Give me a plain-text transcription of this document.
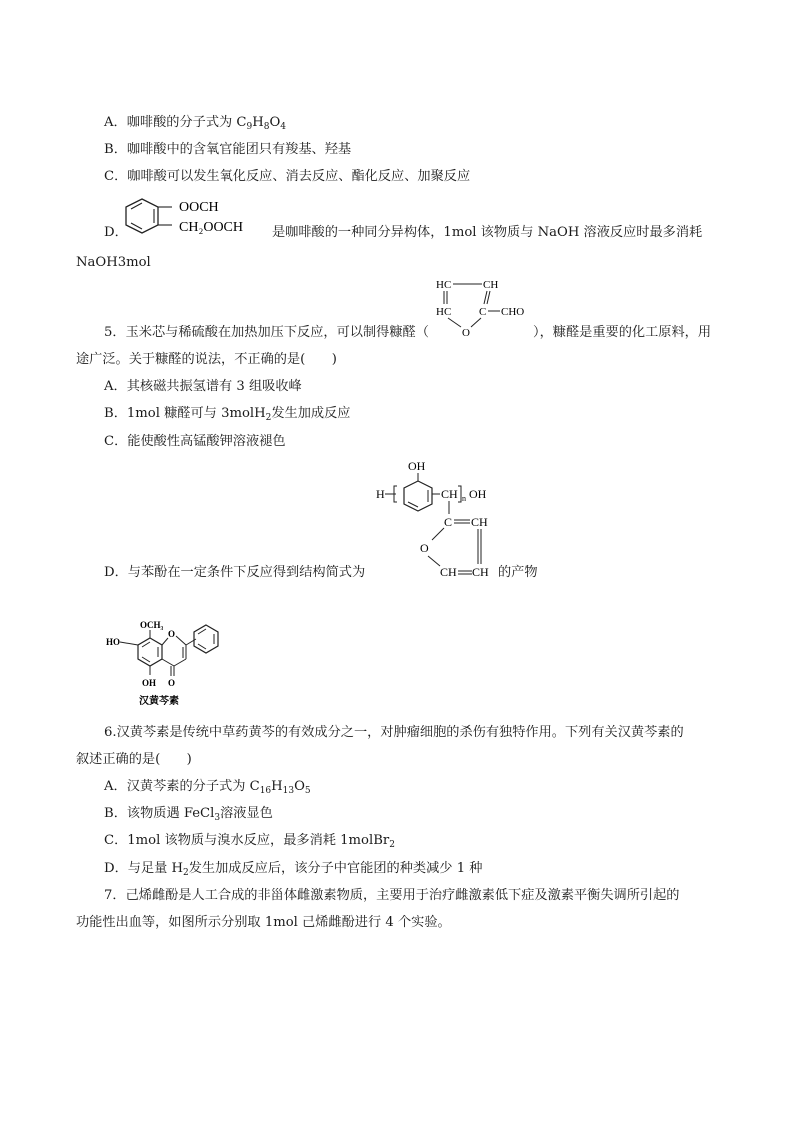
A．咖啡酸的分子式为 $C_9H_8O_4$
B．咖啡酸中的含氧官能团只有羧基、羟基
C．咖啡酸可以发生氧化反应、消去反应、酯化反应、加聚反应
D．
OOCH
CH₂OOCH 是咖啡酸的一种同分异构体，1mol 该物质与 NaOH 溶液反应时最多消耗
NaOH3mol
HC	CH
HC	C CHO
O
5．玉米芯与稀硫酸在加热加压下反应，可以制得糠醛（	），糠醛是重要的化工原料，用
途广泛。关于糠醛的说法，不正确的是(　　)
A．其核磁共振氢谱有 3 组吸收峰
B．1mol 糠醛可与 3molH$_2$发生加成反应
C．能使酸性高锰酸钾溶液褪色
OH
H	CH n OH
C CH
O
CH CH
D．与苯酚在一定条件下反应得到结构简式为	的产物
OCH₃
HO
O
O
OH
汉黄芩素
6.汉黄芩素是传统中草药黄芩的有效成分之一，对肿瘤细胞的杀伤有独特作用。下列有关汉黄芩素的
叙述正确的是(　　)
A．汉黄芩素的分子式为 $C_{16}H_{13}O_5$
B．该物质遇 FeCl$_3$溶液显色
C．1mol 该物质与溴水反应，最多消耗 1molBr$_2$
D．与足量 $H_2$发生加成反应后，该分子中官能团的种类减少 1 种
7．己烯雌酚是人工合成的非甾体雌激素物质，主要用于治疗雌激素低下症及激素平衡失调所引起的
功能性出血等，如图所示分别取 1mol 己烯雌酚进行 4 个实验。
